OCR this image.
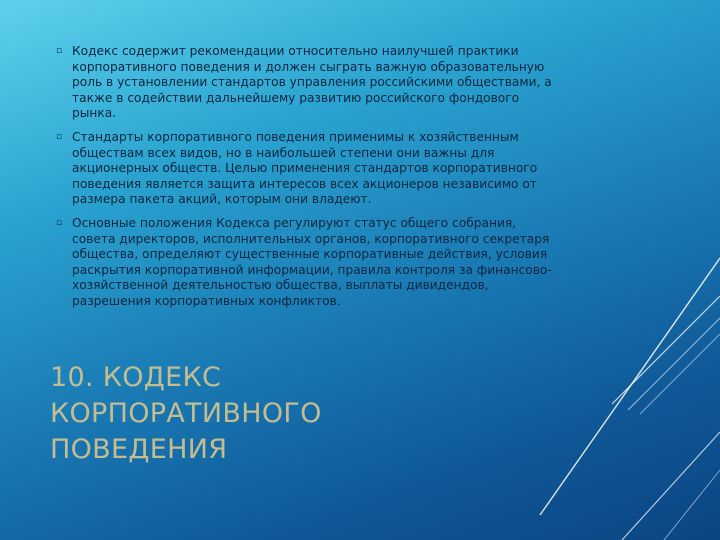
▫ Кодекс содержит рекомендации относительно наилучшей практики корпоративного поведения и должен сыграть важную образовательную роль в установлении стандартов управления российскими обществами, а также в содействии дальнейшему развитию российского фондового рынка.
▫ Стандарты корпоративного поведения применимы к хозяйственным обществам всех видов, но в наибольшей степени они важны для акционерных обществ. Целью применения стандартов корпоративного поведения является защита интересов всех акционеров независимо от размера пакета акций, которым они владеют.
▫ Основные положения Кодекса регулируют статус общего собрания, совета директоров, исполнительных органов, корпоративного секретаря общества, определяют существенные корпоративные действия, условия раскрытия корпоративной информации, правила контроля за финансово-хозяйственной деятельностью общества, выплаты дивидендов, разрешения корпоративных конфликтов.
10. КОДЕКС
КОРПОРАТИВНОГО
ПОВЕДЕНИЯ
